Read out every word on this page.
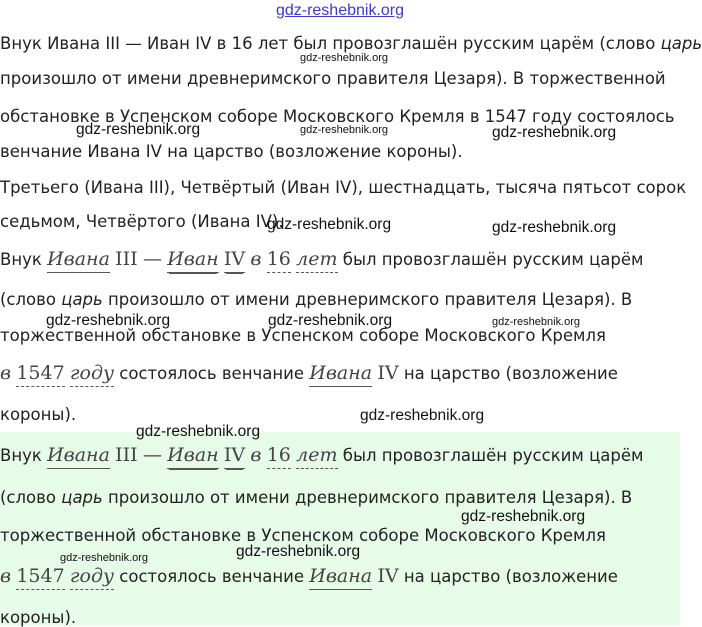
gdz-reshebnik.org
Внук Ивана III — Иван IV в 16 лет был провозглашён русским царём (слово царь
произошло от имени древнеримского правителя Цезаря). В торжественной
обстановке в Успенском соборе Московского Кремля в 1547 году состоялось
венчание Ивана IV на царство (возложение короны).
Третьего (Ивана III), Четвёртый (Иван IV), шестнадцать, тысяча пятьсот сорок
седьмом, Четвёртого (Ивана IV).
Внук Ивана III — Иван IV в 16 лет был провозглашён русским царём
(слово царь произошло от имени древнеримского правителя Цезаря). В
торжественной обстановке в Успенском соборе Московского Кремля
в 1547 году состоялось венчание Ивана IV на царство (возложение
короны).
Внук Ивана III — Иван IV в 16 лет был провозглашён русским царём
(слово царь произошло от имени древнеримского правителя Цезаря). В
торжественной обстановке в Успенском соборе Московского Кремля
в 1547 году состоялось венчание Ивана IV на царство (возложение
короны).
gdz-reshebnik.org
gdz-reshebnik.org	gdz-reshebnik.org	gdz-reshebnik.org
gdz-reshebnik.org	gdz-reshebnik.org
gdz-reshebnik.org	gdz-reshebnik.org	gdz-reshebnik.org
gdz-reshebnik.org
gdz-reshebnik.org
gdz-reshebnik.org
gdz-reshebnik.org
gdz-reshebnik.org
